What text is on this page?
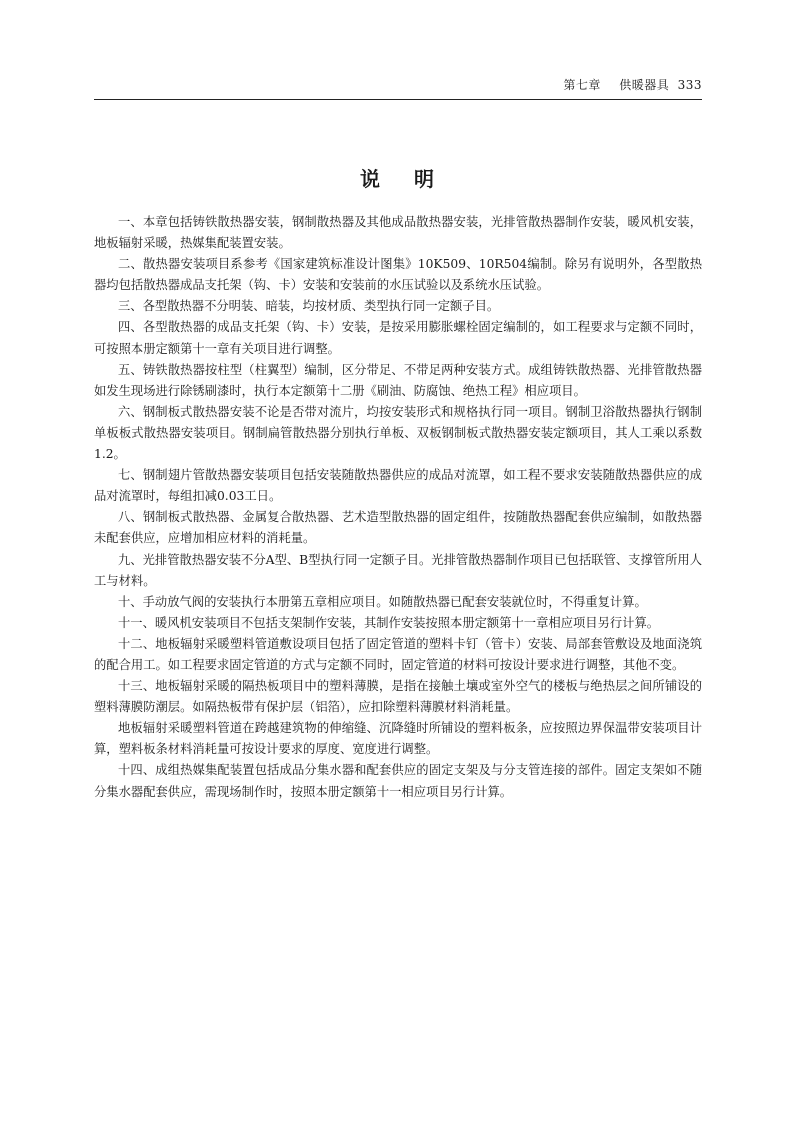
第七章 供暖器具 333
说明

一、本章包括铸铁散热器安装，钢制散热器及其他成品散热器安装，光排管散热器制作安装，暖风机安装，地板辐射采暖，热媒集配装置安装。

二、散热器安装项目系参考《国家建筑标准设计图集》10K509、10R504编制。除另有说明外，各型散热器均包括散热器成品支托架（钩、卡）安装和安装前的水压试验以及系统水压试验。

三、各型散热器不分明装、暗装，均按材质、类型执行同一定额子目。

四、各型散热器的成品支托架（钩、卡）安装，是按采用膨胀螺栓固定编制的，如工程要求与定额不同时，可按照本册定额第十一章有关项目进行调整。

五、铸铁散热器按柱型（柱翼型）编制，区分带足、不带足两种安装方式。成组铸铁散热器、光排管散热器如发生现场进行除锈刷漆时，执行本定额第十二册《刷油、防腐蚀、绝热工程》相应项目。

六、钢制板式散热器安装不论是否带对流片，均按安装形式和规格执行同一项目。钢制卫浴散热器执行钢制单板板式散热器安装项目。钢制扁管散热器分别执行单板、双板钢制板式散热器安装定额项目，其人工乘以系数1.2。

七、钢制翅片管散热器安装项目包括安装随散热器供应的成品对流罩，如工程不要求安装随散热器供应的成品对流罩时，每组扣减0.03工日。

八、钢制板式散热器、金属复合散热器、艺术造型散热器的固定组件，按随散热器配套供应编制，如散热器未配套供应，应增加相应材料的消耗量。

九、光排管散热器安装不分A型、B型执行同一定额子目。光排管散热器制作项目已包括联管、支撑管所用人工与材料。

十、手动放气阀的安装执行本册第五章相应项目。如随散热器已配套安装就位时，不得重复计算。

十一、暖风机安装项目不包括支架制作安装，其制作安装按照本册定额第十一章相应项目另行计算。

十二、地板辐射采暖塑料管道敷设项目包括了固定管道的塑料卡钉（管卡）安装、局部套管敷设及地面浇筑的配合用工。如工程要求固定管道的方式与定额不同时，固定管道的材料可按设计要求进行调整，其他不变。

十三、地板辐射采暖的隔热板项目中的塑料薄膜，是指在接触土壤或室外空气的楼板与绝热层之间所铺设的塑料薄膜防潮层。如隔热板带有保护层（铝箔），应扣除塑料薄膜材料消耗量。

地板辐射采暖塑料管道在跨越建筑物的伸缩缝、沉降缝时所铺设的塑料板条，应按照边界保温带安装项目计算，塑料板条材料消耗量可按设计要求的厚度、宽度进行调整。

十四、成组热媒集配装置包括成品分集水器和配套供应的固定支架及与分支管连接的部件。固定支架如不随分集水器配套供应，需现场制作时，按照本册定额第十一相应项目另行计算。
